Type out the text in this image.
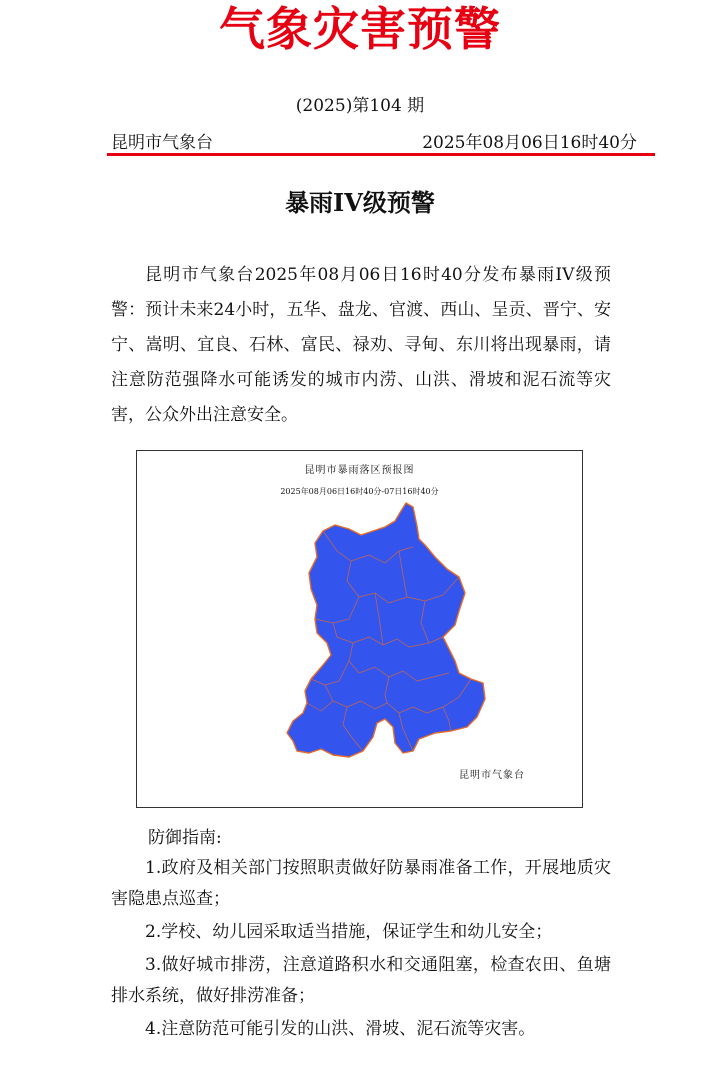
气象灾害预警
(2025)第104 期
昆明市气象台	2025年08月06日16时40分
暴雨IV级预警

昆明市气象台2025年08月06日16时40分发布暴雨IV级预警：预计未来24小时，五华、盘龙、官渡、西山、呈贡、晋宁、安宁、嵩明、宜良、石林、富民、禄劝、寻甸、东川将出现暴雨，请注意防范强降水可能诱发的城市内涝、山洪、滑坡和泥石流等灾害，公众外出注意安全。

昆明市暴雨落区预报图
2025年08月06日16时40分-07日16时40分
昆明市气象台
防御指南:
1.政府及相关部门按照职责做好防暴雨准备工作，开展地质灾害隐患点巡查；
2.学校、幼儿园采取适当措施，保证学生和幼儿安全；
3.做好城市排涝，注意道路积水和交通阻塞，检查农田、鱼塘排水系统，做好排涝准备；
4.注意防范可能引发的山洪、滑坡、泥石流等灾害。
